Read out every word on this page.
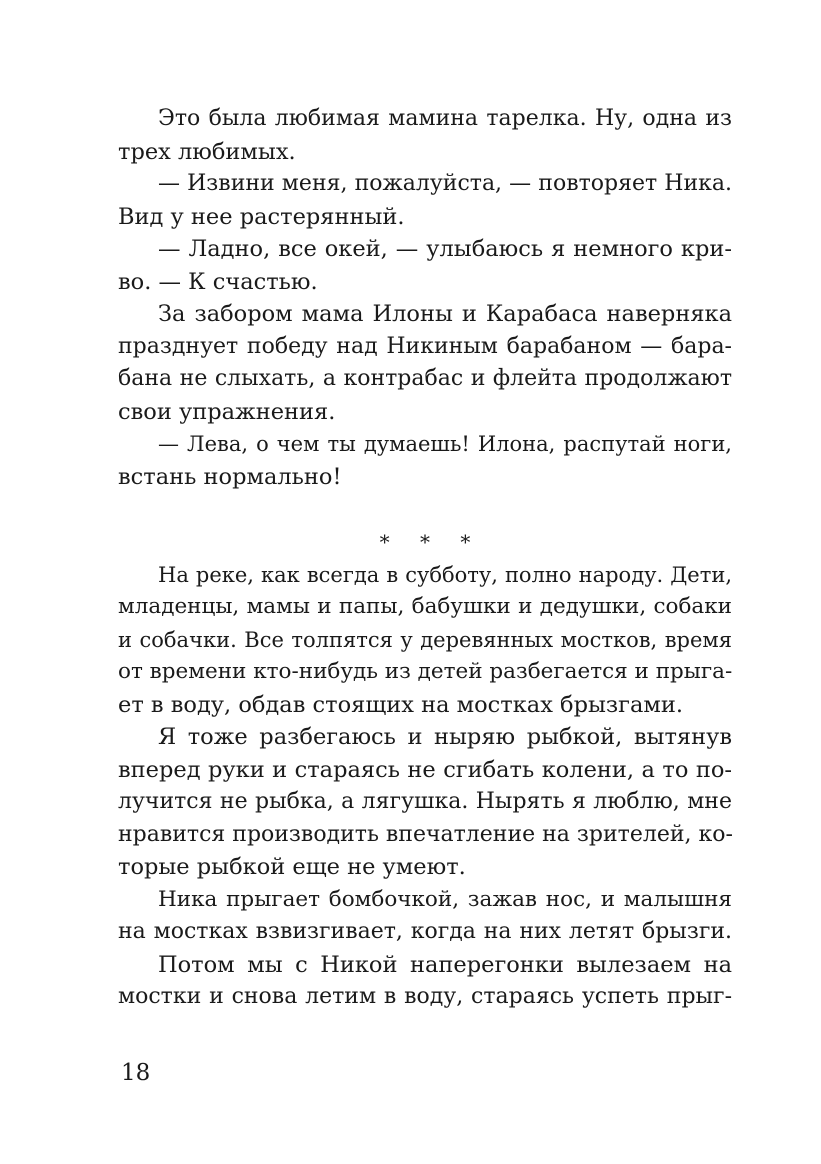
Это была любимая мамина тарелка. Ну, одна из
трех любимых.
— Извини меня, пожалуйста, — повторяет Ника.
Вид у нее растерянный.
— Ладно, все окей, — улыбаюсь я немного кри-
во. — К счастью.
За забором мама Илоны и Карабаса наверняка
празднует победу над Никиным барабаном — бара-
бана не слыхать, а контрабас и флейта продолжают
свои упражнения.
— Лева, о чем ты думаешь! Илона, распутай ноги,
встань нормально!
* * *
На реке, как всегда в субботу, полно народу. Дети,
младенцы, мамы и папы, бабушки и дедушки, собаки
и собачки. Все толпятся у деревянных мостков, время
от времени кто-нибудь из детей разбегается и прыга-
ет в воду, обдав стоящих на мостках брызгами.
Я тоже разбегаюсь и ныряю рыбкой, вытянув
вперед руки и стараясь не сгибать колени, а то по-
лучится не рыбка, а лягушка. Нырять я люблю, мне
нравится производить впечатление на зрителей, ко-
торые рыбкой еще не умеют.
Ника прыгает бомбочкой, зажав нос, и малышня
на мостках взвизгивает, когда на них летят брызги.
Потом мы с Никой наперегонки вылезаем на
мостки и снова летим в воду, стараясь успеть прыг-
18
